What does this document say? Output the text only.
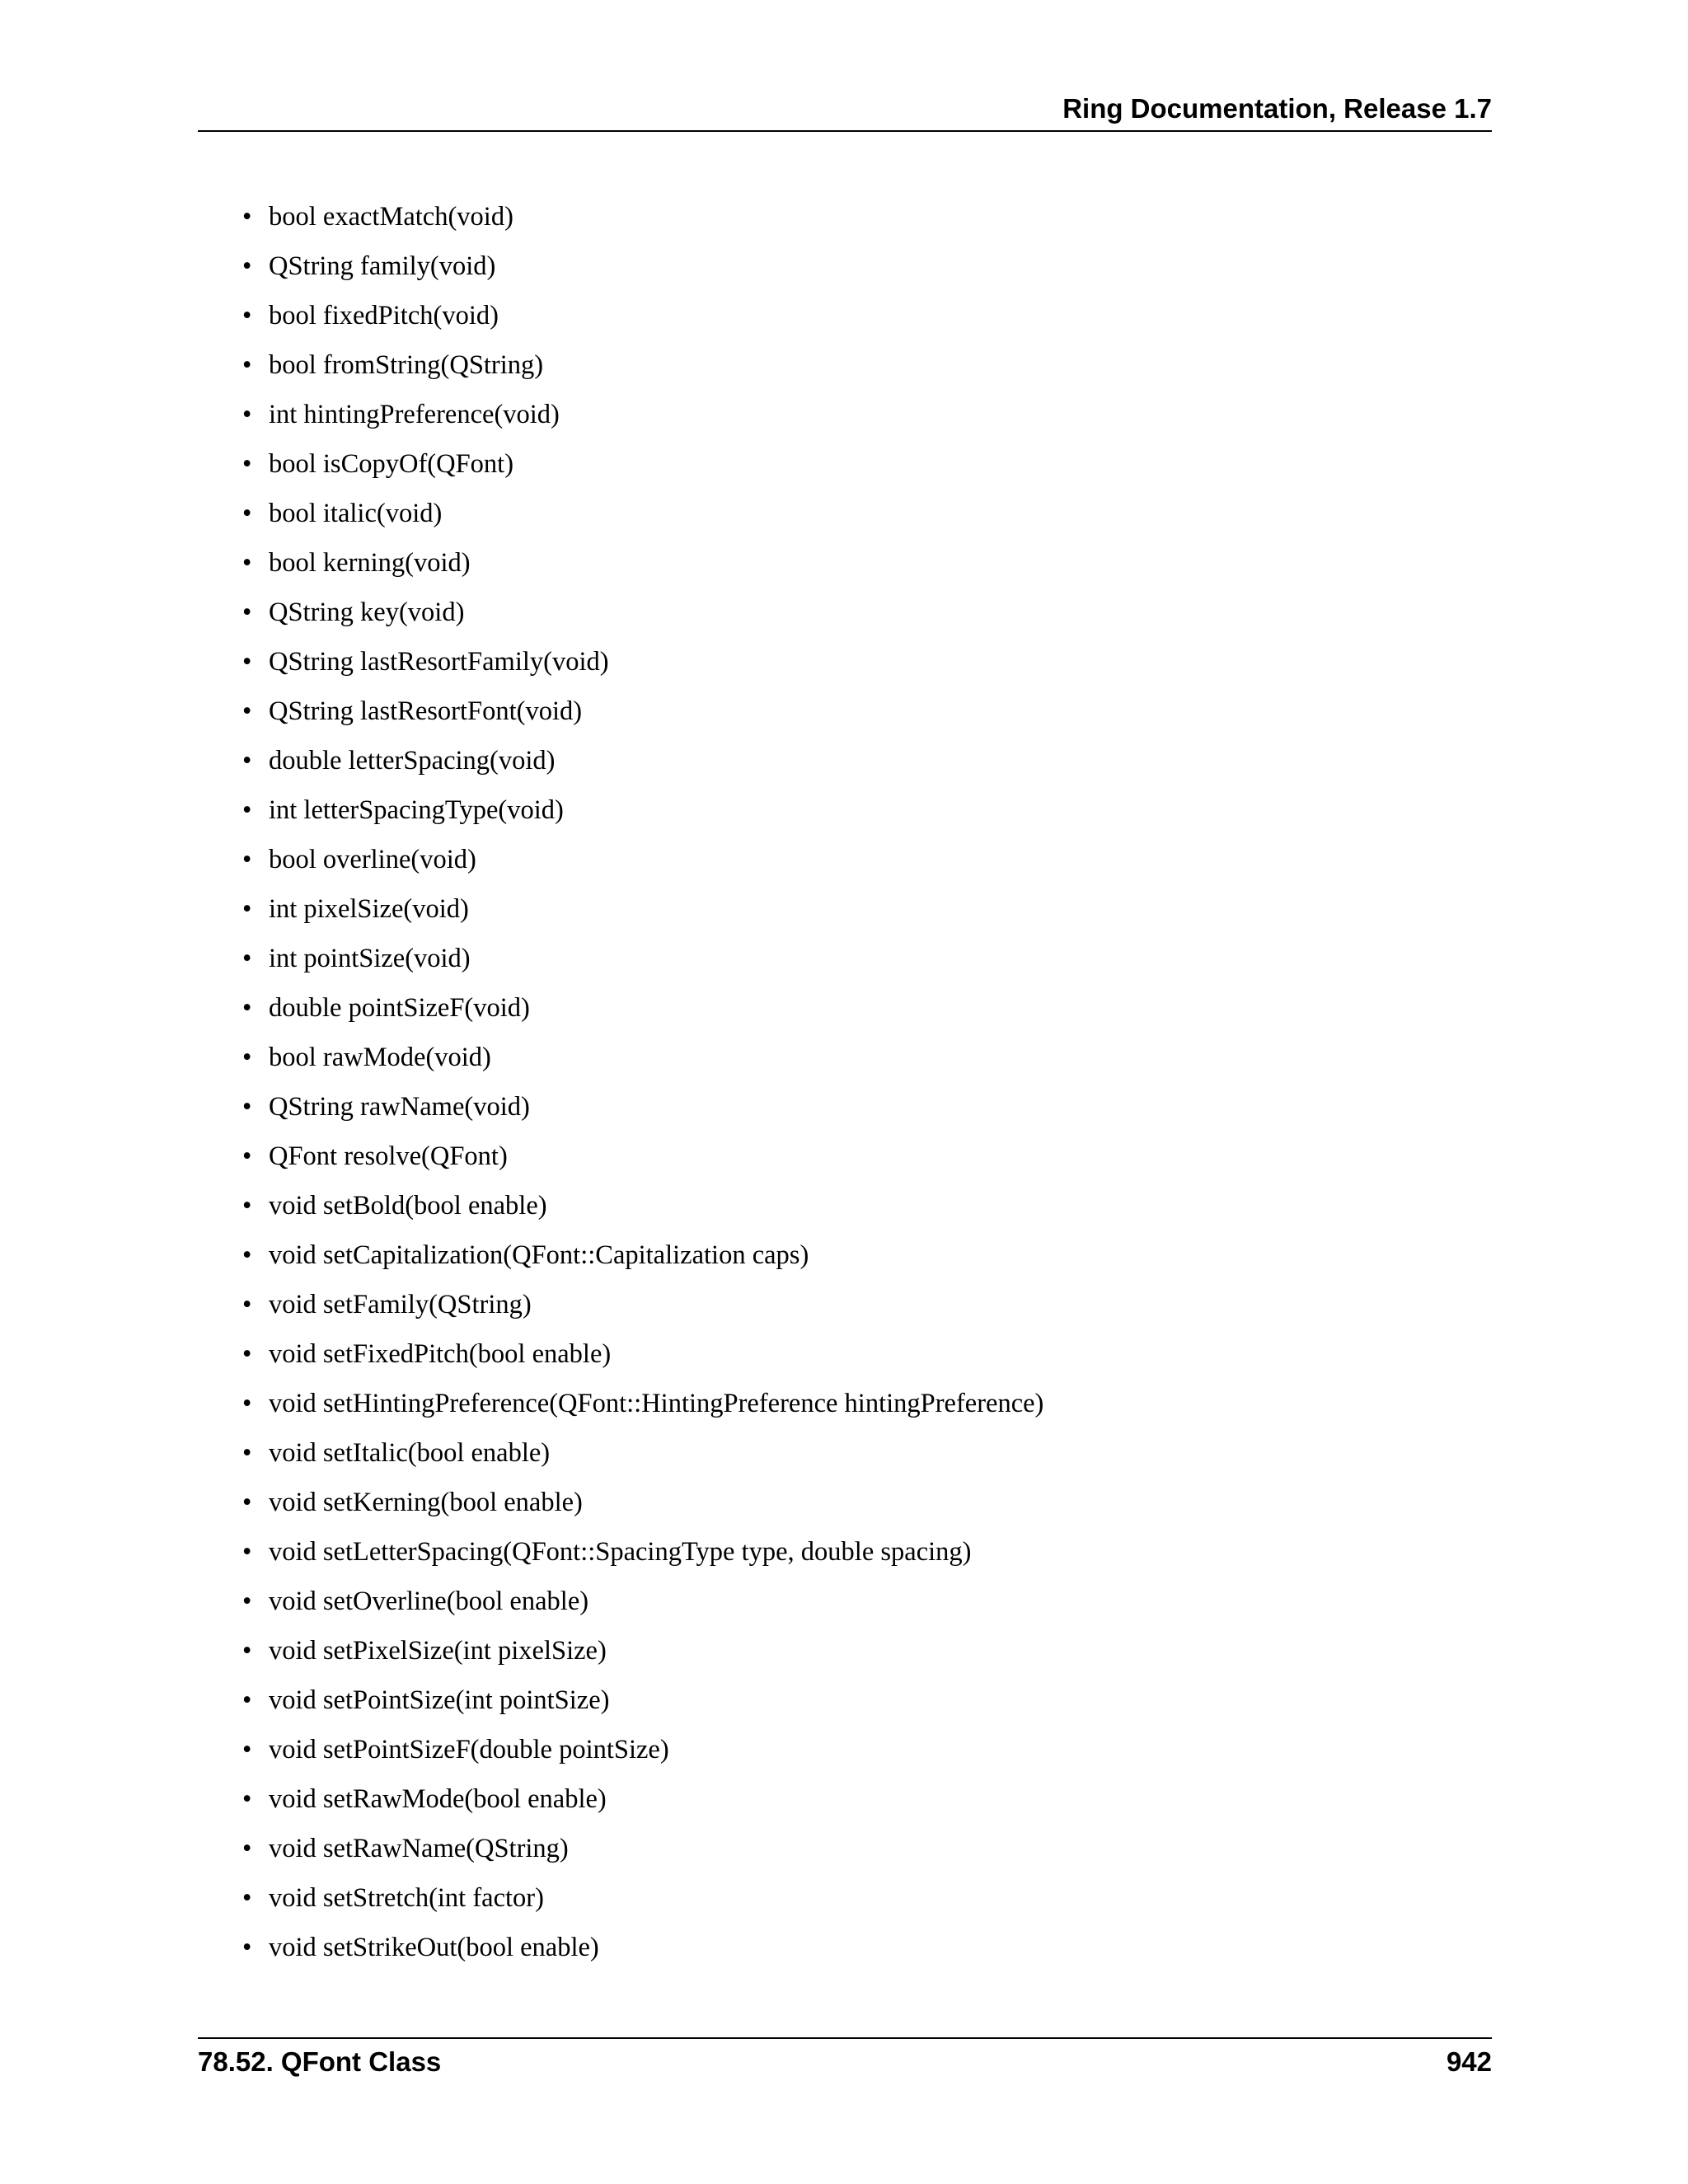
Ring Documentation, Release 1.7
• bool exactMatch(void)
• QString family(void)
• bool fixedPitch(void)
• bool fromString(QString)
• int hintingPreference(void)
• bool isCopyOf(QFont)
• bool italic(void)
• bool kerning(void)
• QString key(void)
• QString lastResortFamily(void)
• QString lastResortFont(void)
• double letterSpacing(void)
• int letterSpacingType(void)
• bool overline(void)
• int pixelSize(void)
• int pointSize(void)
• double pointSizeF(void)
• bool rawMode(void)
• QString rawName(void)
• QFont resolve(QFont)
• void setBold(bool enable)
• void setCapitalization(QFont::Capitalization caps)
• void setFamily(QString)
• void setFixedPitch(bool enable)
• void setHintingPreference(QFont::HintingPreference hintingPreference)
• void setItalic(bool enable)
• void setKerning(bool enable)
• void setLetterSpacing(QFont::SpacingType type, double spacing)
• void setOverline(bool enable)
• void setPixelSize(int pixelSize)
• void setPointSize(int pointSize)
• void setPointSizeF(double pointSize)
• void setRawMode(bool enable)
• void setRawName(QString)
• void setStretch(int factor)
• void setStrikeOut(bool enable)
78.52. QFont Class	942
